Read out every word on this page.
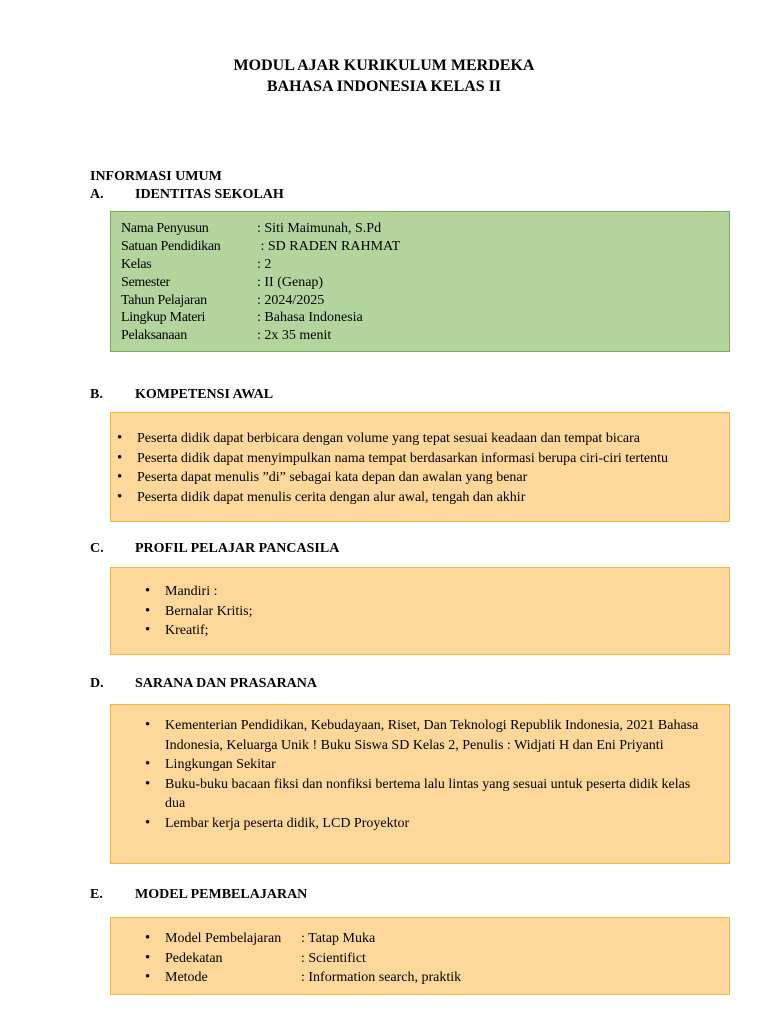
MODUL AJAR KURIKULUM MERDEKA
BAHASA INDONESIA KELAS II
INFORMASI UMUM
A. IDENTITAS SEKOLAH
Nama Penyusun	: Siti Maimunah, S.Pd
Satuan Pendidikan	: SD RADEN RAHMAT
Kelas	: 2
Semester	: II (Genap)
Tahun Pelajaran	: 2024/2025
Lingkup Materi	: Bahasa Indonesia
Pelaksanaan	: 2x 35 menit
B. KOMPETENSI AWAL
• Peserta didik dapat berbicara dengan volume yang tepat sesuai keadaan dan tempat bicara
• Peserta didik dapat menyimpulkan nama tempat berdasarkan informasi berupa ciri-ciri tertentu
• Peserta dapat menulis ”di” sebagai kata depan dan awalan yang benar
• Peserta didik dapat menulis cerita dengan alur awal, tengah dan akhir
C. PROFIL PELAJAR PANCASILA
• Mandiri :
• Bernalar Kritis;
• Kreatif;
D. SARANA DAN PRASARANA
• Kementerian Pendidikan, Kebudayaan, Riset, Dan Teknologi Republik Indonesia, 2021 Bahasa Indonesia, Keluarga Unik ! Buku Siswa SD Kelas 2, Penulis : Widjati H dan Eni Priyanti
• Lingkungan Sekitar
• Buku-buku bacaan fiksi dan nonfiksi bertema lalu lintas yang sesuai untuk peserta didik kelas dua
• Lembar kerja peserta didik, LCD Proyektor
E. MODEL PEMBELAJARAN
• Model Pembelajaran	: Tatap Muka
• Pedekatan	: Scientifict
• Metode	: Information search, praktik
